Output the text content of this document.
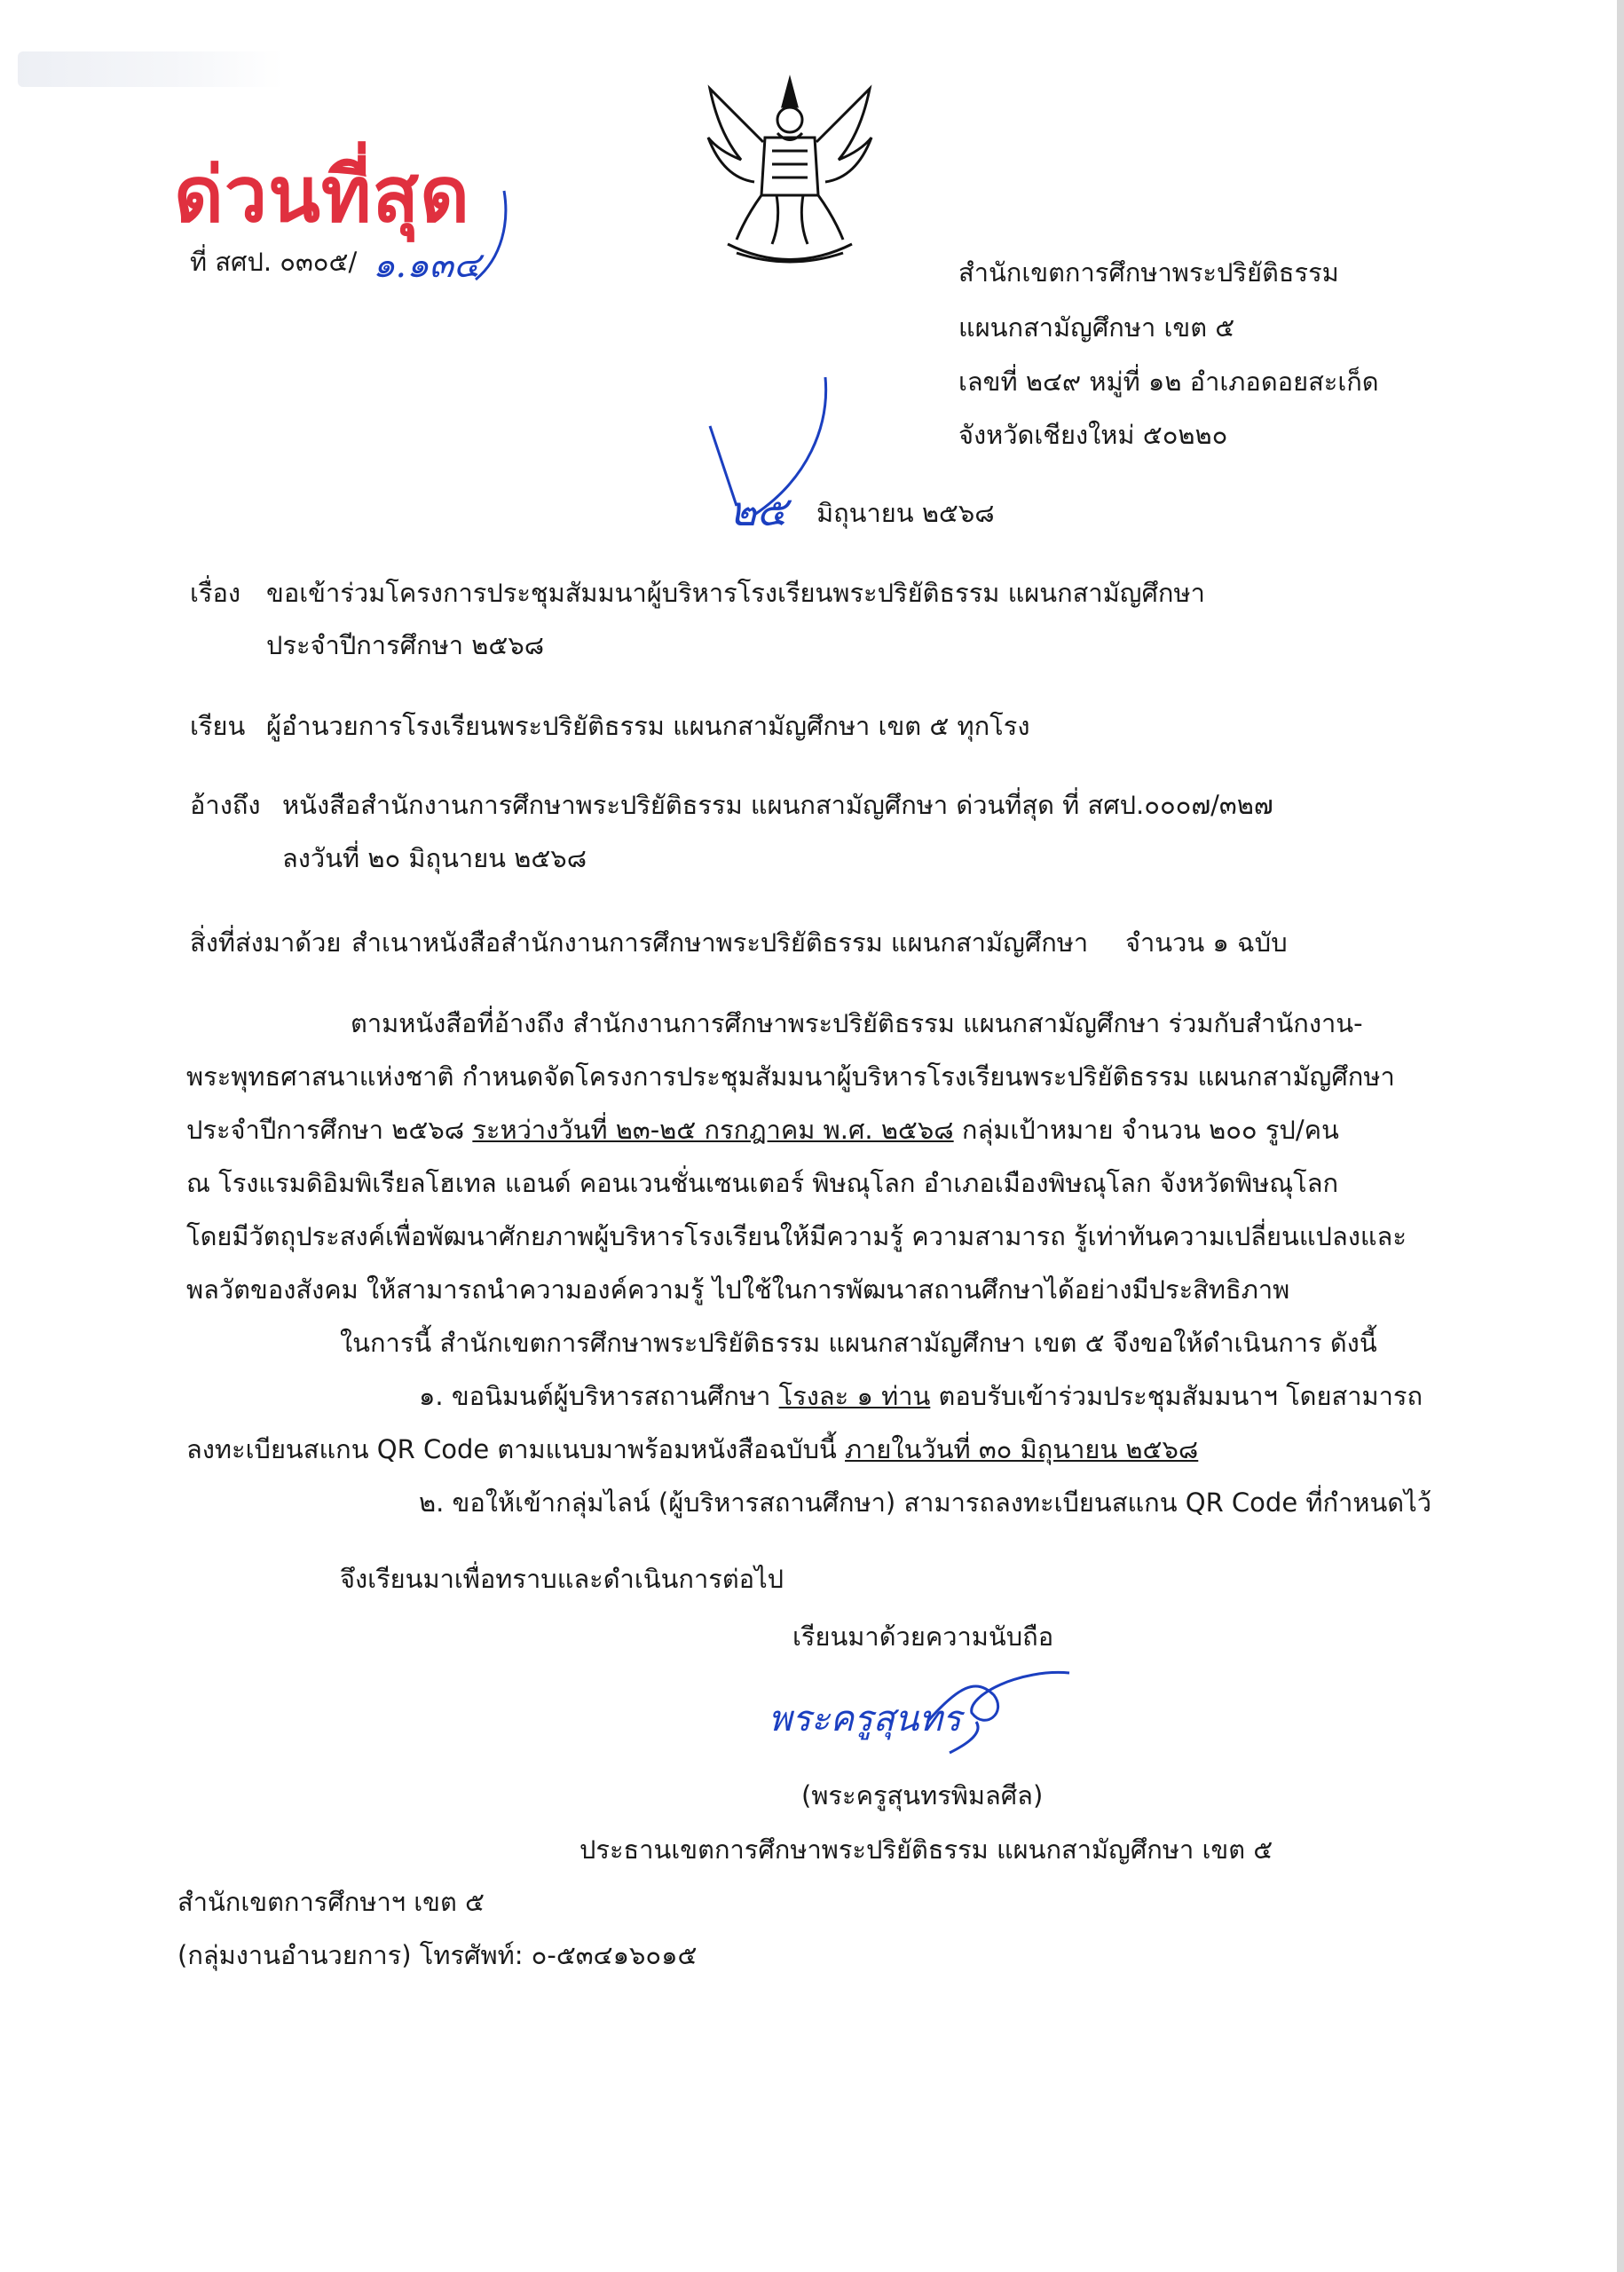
ด่วนที่สุด
ที่ สศป. ๐๓๐๕/ ๑.๑๓๔	สำนักเขตการศึกษาพระปริยัติธรรม
แผนกสามัญศึกษา เขต ๕
เลขที่ ๒๔๙ หมู่ที่ ๑๒ อำเภอดอยสะเก็ด
จังหวัดเชียงใหม่ ๕๐๒๒๐
๒๕ มิถุนายน ๒๕๖๘
เรื่อง ขอเข้าร่วมโครงการประชุมสัมมนาผู้บริหารโรงเรียนพระปริยัติธรรม แผนกสามัญศึกษา
ประจำปีการศึกษา ๒๕๖๘
เรียน ผู้อำนวยการโรงเรียนพระปริยัติธรรม แผนกสามัญศึกษา เขต ๕ ทุกโรง
อ้างถึง หนังสือสำนักงานการศึกษาพระปริยัติธรรม แผนกสามัญศึกษา ด่วนที่สุด ที่ สศป.๐๐๐๗/๓๒๗
ลงวันที่ ๒๐ มิถุนายน ๒๕๖๘
สิ่งที่ส่งมาด้วย สำเนาหนังสือสำนักงานการศึกษาพระปริยัติธรรม แผนกสามัญศึกษา จำนวน ๑ ฉบับ
ตามหนังสือที่อ้างถึง สำนักงานการศึกษาพระปริยัติธรรม แผนกสามัญศึกษา ร่วมกับสำนักงาน-
พระพุทธศาสนาแห่งชาติ กำหนดจัดโครงการประชุมสัมมนาผู้บริหารโรงเรียนพระปริยัติธรรม แผนกสามัญศึกษา
ประจำปีการศึกษา ๒๕๖๘ ระหว่างวันที่ ๒๓-๒๕ กรกฎาคม พ.ศ. ๒๕๖๘ กลุ่มเป้าหมาย จำนวน ๒๐๐ รูป/คน
ณ โรงแรมดิอิมพิเรียลโฮเทล แอนด์ คอนเวนชั่นเซนเตอร์ พิษณุโลก อำเภอเมืองพิษณุโลก จังหวัดพิษณุโลก
โดยมีวัตถุประสงค์เพื่อพัฒนาศักยภาพผู้บริหารโรงเรียนให้มีความรู้ ความสามารถ รู้เท่าทันความเปลี่ยนแปลงและ
พลวัตของสังคม ให้สามารถนำความองค์ความรู้ ไปใช้ในการพัฒนาสถานศึกษาได้อย่างมีประสิทธิภาพ
ในการนี้ สำนักเขตการศึกษาพระปริยัติธรรม แผนกสามัญศึกษา เขต ๕ จึงขอให้ดำเนินการ ดังนี้
๑. ขอนิมนต์ผู้บริหารสถานศึกษา โรงละ ๑ ท่าน ตอบรับเข้าร่วมประชุมสัมมนาฯ โดยสามารถ
ลงทะเบียนสแกน QR Code ตามแนบมาพร้อมหนังสือฉบับนี้ ภายในวันที่ ๓๐ มิถุนายน ๒๕๖๘
๒. ขอให้เข้ากลุ่มไลน์ (ผู้บริหารสถานศึกษา) สามารถลงทะเบียนสแกน QR Code ที่กำหนดไว้
จึงเรียนมาเพื่อทราบและดำเนินการต่อไป
เรียนมาด้วยความนับถือ
พระครูสุนทร
(พระครูสุนทรพิมลศีล)
ประธานเขตการศึกษาพระปริยัติธรรม แผนกสามัญศึกษา เขต ๕
สำนักเขตการศึกษาฯ เขต ๕
(กลุ่มงานอำนวยการ) โทรศัพท์: ๐-๕๓๔๑๖๐๑๕
